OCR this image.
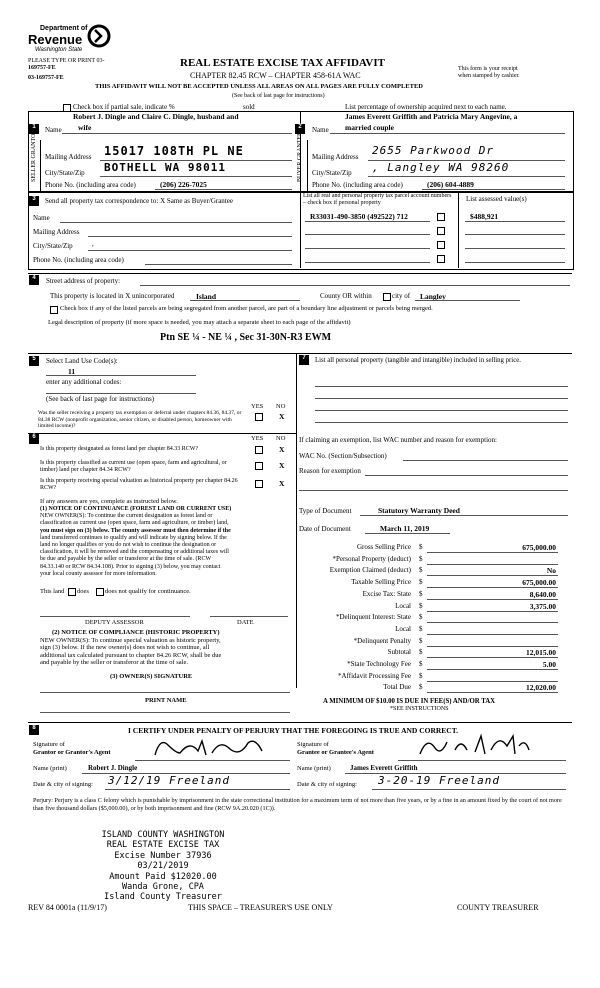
Department of
Revenue
Washington State
PLEASE TYPE OR PRINT 03-
169757-FE
03-169757-FE
REAL ESTATE EXCISE TAX AFFIDAVIT
CHAPTER 82.45 RCW – CHAPTER 458-61A WAC
This form is your receipt
when stamped by cashier.
THIS AFFIDAVIT WILL NOT BE ACCEPTED UNLESS ALL AREAS ON ALL PAGES ARE FULLY COMPLETED
(See back of last page for instructions)
Check box if partial sale, indicate %	sold	List percentage of ownership acquired next to each name.
1
Robert J. Dingle and Claire C. Dingle, husband and
Name wife
SELLER GRANTOR Mailing Address 15017 108TH PL NE
City/State/Zip BOTHELL WA 98011
Phone No. (including area code)	(206) 226-7025
2
James Everett Griffith and Patricia Mary Angevine, a
Name married couple
BUYER GRANTEE Mailing Address 2655 Parkwood Dr
City/State/Zip , Langley WA 98260
Phone No. (including area code)	(206) 604-4889
3	Send all property tax correspondence to: X Same as Buyer/Grantee
Name
Mailing Address
City/State/Zip	,
Phone No. (including area code)
List all real and personal property tax parcel account numbers – check box if personal property	List assessed value(s)
R33031-490-3850 (492522) 712	$488,921
4	Street address of property:
This property is located in X unincorporated	Island	County OR within	city of Langley
Check box if any of the listed parcels are being segregated from another parcel, are part of a boundary line adjustment or parcels being merged.
Legal description of property (if more space is needed, you may attach a separate sheet to each page of the affidavit)
Ptn SE ¼ - NE ¼ , Sec 31-30N-R3 EWM
5	Select Land Use Code(s):
11
enter any additional codes:
(See back of last page for instructions)
YES NO
Was the seller receiving a property tax exemption or deferral under chapters 84.36, 84.37, or 84.38 RCW (nonprofit organization, senior citizen, or disabled person, homeowner with limited income)?
X
6	YES NO
Is this property designated as forest land per chapter 84.33 RCW?	X
Is this property classified as current use (open space, farm and agricultural, or timber) land per chapter 84.34 RCW?	X
Is this property receiving special valuation as historical property per chapter 84.26 RCW?	X
If any answers are yes, complete as instructed below.
(1) NOTICE OF CONTINUANCE (FOREST LAND OR CURRENT USE)
NEW OWNER(S): To continue the current designation as forest land or
classification as current use (open space, farm and agriculture, or timber) land,
you must sign on (3) below. The county assessor must then determine if the
land transferred continues to qualify and will indicate by signing below. If the
land no longer qualifies or you do not wish to continue the designation or
classification, it will be removed and the compensating or additional taxes will
be due and payable by the seller or transferor at the time of sale. (RCW
84.33.140 or RCW 84.34.108). Prior to signing (3) below, you may contact
your local county assessor for more information.
This land does does not qualify for continuance.
DEPUTY ASSESSOR	DATE
(2) NOTICE OF COMPLIANCE (HISTORIC PROPERTY)
NEW OWNER(S): To continue special valuation as historic property,
sign (3) below. If the new owner(s) does not wish to continue, all
additional tax calculated pursuant to chapter 84.26 RCW, shall be due
and payable by the seller or transferor at the time of sale.
(3) OWNER(S) SIGNATURE
PRINT NAME
7	List all personal property (tangible and intangible) included in selling price.
If claiming an exemption, list WAC number and reason for exemption:
WAC No. (Section/Subsection)
Reason for exemption
Type of Document	Statutory Warranty Deed
Date of Document	March 11, 2019
Gross Selling Price $	675,000.00
*Personal Property (deduct) $
Exemption Claimed (deduct) $	No
Taxable Selling Price $	675,000.00
Excise Tax: State $	8,640.00
Local $	3,375.00
*Delinquent Interest: State $
Local $
*Delinquent Penalty $
Subtotal $	12,015.00
*State Technology Fee $	5.00
*Affidavit Processing Fee $
Total Due $	12,020.00
A MINIMUM OF $10.00 IS DUE IN FEE(S) AND/OR TAX
*SEE INSTRUCTIONS
8	I CERTIFY UNDER PENALTY OF PERJURY THAT THE FOREGOING IS TRUE AND CORRECT.
Signature of
Grantor or Grantor's Agent
Name (print)	Robert J. Dingle
Date & city of signing: 3/12/19 Freeland
Signature of
Grantee or Grantee's Agent
Name (print)	James Everett Griffith
Date & city of signing: 3-20-19 Freeland
Perjury: Perjury is a class C felony which is punishable by imprisonment in the state correctional institution for a maximum term of not more than five years, or by a fine in an amount fixed by the court of not more than five thousand dollars ($5,000.00), or by both imprisonment and fine (RCW 9A.20.020 (1C)).
ISLAND COUNTY WASHINGTON
REAL ESTATE EXCISE TAX
Excise Number 37936
03/21/2019
Amount Paid $12020.00
Wanda Grone, CPA
Island County Treasurer
REV 84 0001a (11/9/17)	THIS SPACE – TREASURER'S USE ONLY	COUNTY TREASURER
